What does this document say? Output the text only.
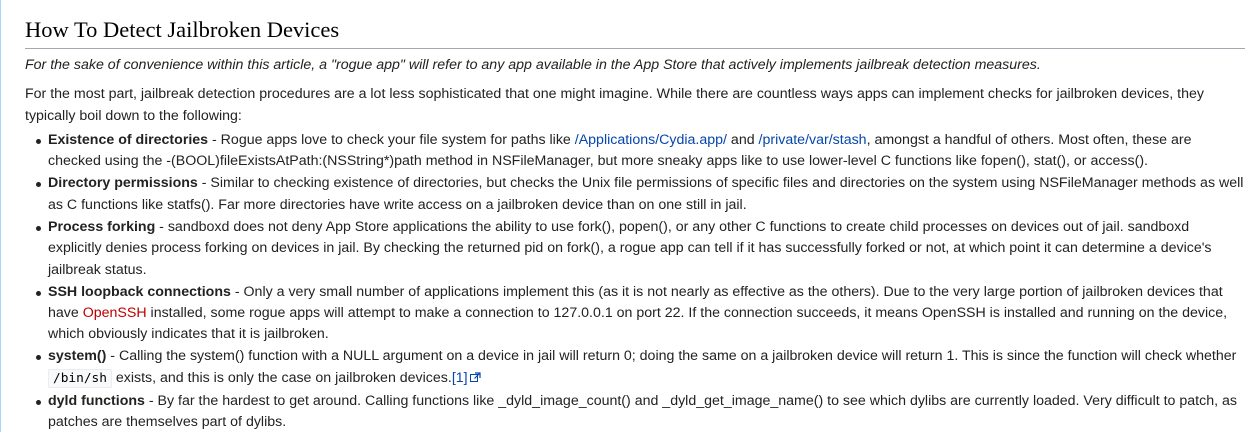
How To Detect Jailbroken Devices

For the sake of convenience within this article, a "rogue app" will refer to any app available in the App Store that actively implements jailbreak detection measures.

For the most part, jailbreak detection procedures are a lot less sophisticated that one might imagine. While there are countless ways apps can implement checks for jailbroken devices, they typically boil down to the following:

Existence of directories - Rogue apps love to check your file system for paths like /Applications/Cydia.app/ and /private/var/stash, amongst a handful of others. Most often, these are checked using the -(BOOL)fileExistsAtPath:(NSString*)path method in NSFileManager, but more sneaky apps like to use lower-level C functions like fopen(), stat(), or access().
Directory permissions - Similar to checking existence of directories, but checks the Unix file permissions of specific files and directories on the system using NSFileManager methods as well as C functions like statfs(). Far more directories have write access on a jailbroken device than on one still in jail.
Process forking - sandboxd does not deny App Store applications the ability to use fork(), popen(), or any other C functions to create child processes on devices out of jail. sandboxd explicitly denies process forking on devices in jail. By checking the returned pid on fork(), a rogue app can tell if it has successfully forked or not, at which point it can determine a device's jailbreak status.
SSH loopback connections - Only a very small number of applications implement this (as it is not nearly as effective as the others). Due to the very large portion of jailbroken devices that have OpenSSH installed, some rogue apps will attempt to make a connection to 127.0.0.1 on port 22. If the connection succeeds, it means OpenSSH is installed and running on the device, which obviously indicates that it is jailbroken.
system() - Calling the system() function with a NULL argument on a device in jail will return 0; doing the same on a jailbroken device will return 1. This is since the function will check whether /bin/sh exists, and this is only the case on jailbroken devices.[1]
dyld functions - By far the hardest to get around. Calling functions like _dyld_image_count() and _dyld_get_image_name() to see which dylibs are currently loaded. Very difficult to patch, as patches are themselves part of dylibs.
